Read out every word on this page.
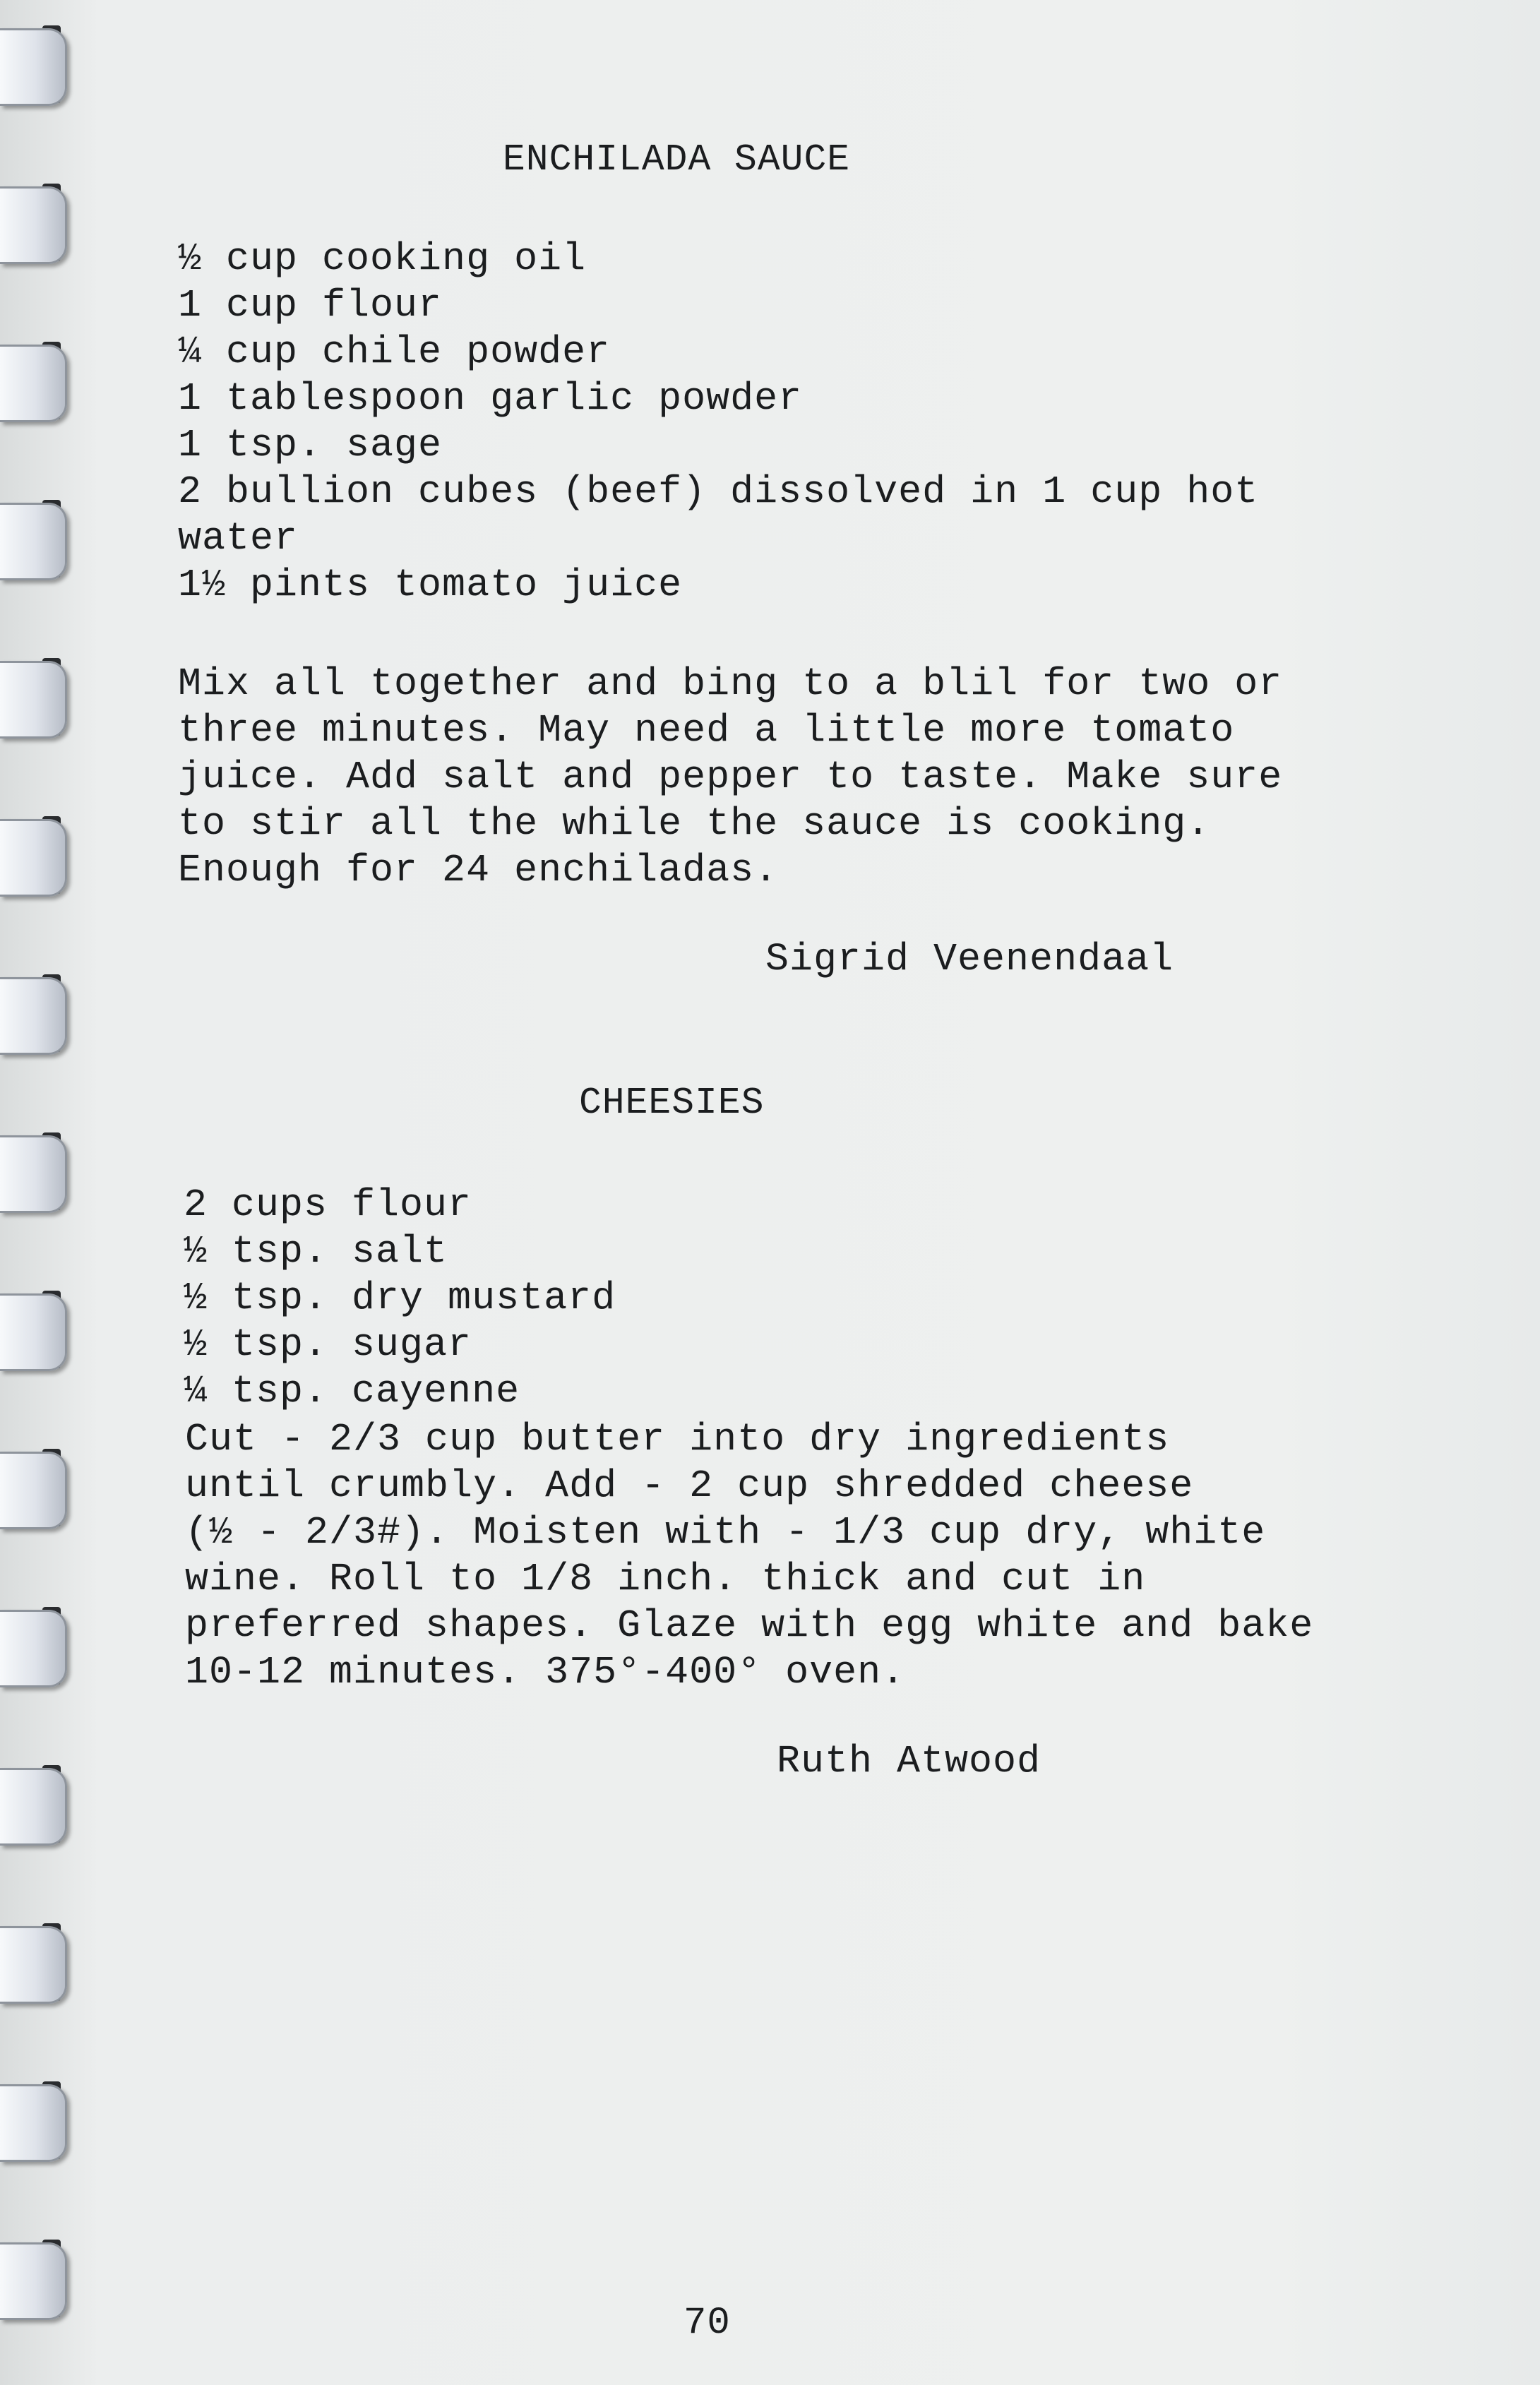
ENCHILADA SAUCE
½ cup cooking oil
1 cup flour
¼ cup chile powder
1 tablespoon garlic powder
1 tsp. sage
2 bullion cubes (beef) dissolved in 1 cup hot
water
1½ pints tomato juice
Mix all together and bing to a blil for two or
three minutes. May need a little more tomato
juice. Add salt and pepper to taste. Make sure
to stir all the while the sauce is cooking.
Enough for 24 enchiladas.
Sigrid Veenendaal
CHEESIES
2 cups flour
½ tsp. salt
½ tsp. dry mustard
½ tsp. sugar
¼ tsp. cayenne
Cut - 2/3 cup butter into dry ingredients
until crumbly. Add - 2 cup shredded cheese
(½ - 2/3#). Moisten with - 1/3 cup dry, white
wine. Roll to 1/8 inch. thick and cut in
preferred shapes. Glaze with egg white and bake
10-12 minutes. 375°-400° oven.
Ruth Atwood
70
